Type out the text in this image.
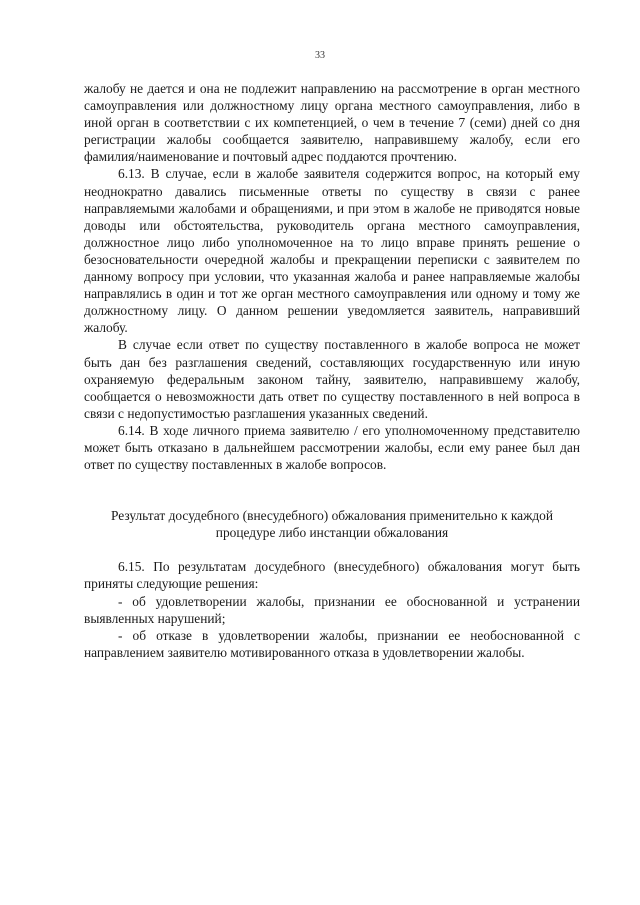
33

жалобу не дается и она не подлежит направлению на рассмотрение в орган местного самоуправления или должностному лицу органа местного самоуправления, либо в иной орган в соответствии с их компетенцией, о чем в течение 7 (семи) дней со дня регистрации жалобы сообщается заявителю, направившему жалобу, если его фамилия/наименование и почтовый адрес поддаются прочтению.

6.13. В случае, если в жалобе заявителя содержится вопрос, на который ему неоднократно давались письменные ответы по существу в связи с ранее направляемыми жалобами и обращениями, и при этом в жалобе не приводятся новые доводы или обстоятельства, руководитель органа местного самоуправления, должностное лицо либо уполномоченное на то лицо вправе принять решение о безосновательности очередной жалобы и прекращении переписки с заявителем по данному вопросу при условии, что указанная жалоба и ранее направляемые жалобы направлялись в один и тот же орган местного самоуправления или одному и тому же должностному лицу. О данном решении уведомляется заявитель, направивший жалобу.

В случае если ответ по существу поставленного в жалобе вопроса не может быть дан без разглашения сведений, составляющих государственную или иную охраняемую федеральным законом тайну, заявителю, направившему жалобу, сообщается о невозможности дать ответ по существу поставленного в ней вопроса в связи с недопустимостью разглашения указанных сведений.

6.14. В ходе личного приема заявителю / его уполномоченному представителю может быть отказано в дальнейшем рассмотрении жалобы, если ему ранее был дан ответ по существу поставленных в жалобе вопросов.

Результат досудебного (внесудебного) обжалования применительно к каждой
процедуре либо инстанции обжалования

6.15. По результатам досудебного (внесудебного) обжалования могут быть приняты следующие решения:

- об удовлетворении жалобы, признании ее обоснованной и устранении выявленных нарушений;

- об отказе в удовлетворении жалобы, признании ее необоснованной с направлением заявителю мотивированного отказа в удовлетворении жалобы.
